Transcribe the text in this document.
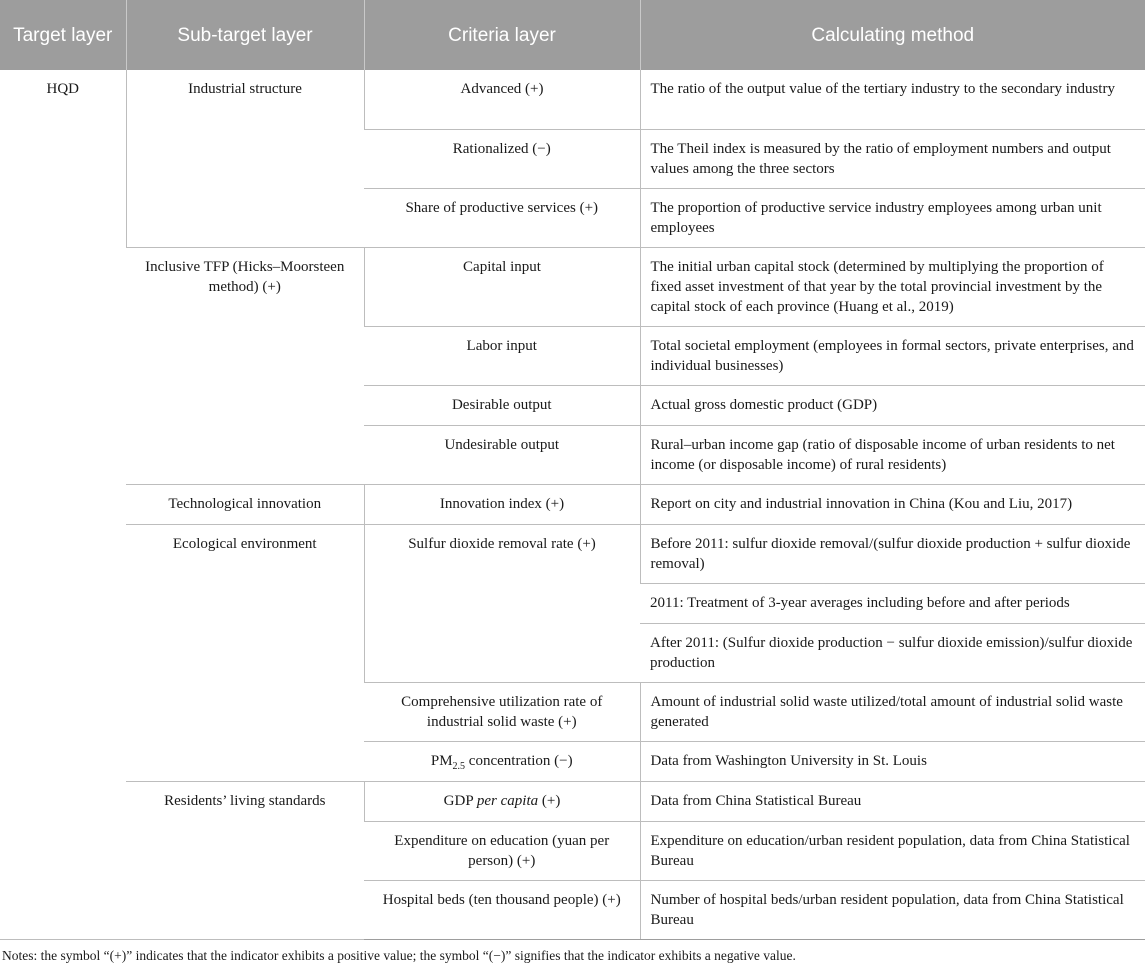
Target layer	Sub-target layer	Criteria layer	Calculating method
HQD	Industrial structure	Advanced (+)	The ratio of the output value of the tertiary industry to the secondary industry
		Rationalized (−)	The Theil index is measured by the ratio of employment numbers and output values among the three sectors
		Share of productive services (+)	The proportion of productive service industry employees among urban unit employees
	Inclusive TFP (Hicks–Moorsteen method) (+)	Capital input	The initial urban capital stock (determined by multiplying the proportion of fixed asset investment of that year by the total provincial investment by the capital stock of each province (Huang et al., 2019)
		Labor input	Total societal employment (employees in formal sectors, private enterprises, and individual businesses)
		Desirable output	Actual gross domestic product (GDP)
		Undesirable output	Rural–urban income gap (ratio of disposable income of urban residents to net income (or disposable income) of rural residents)
	Technological innovation	Innovation index (+)	Report on city and industrial innovation in China (Kou and Liu, 2017)
	Ecological environment	Sulfur dioxide removal rate (+)	Before 2011: sulfur dioxide removal/(sulfur dioxide production + sulfur dioxide removal)
			2011: Treatment of 3-year averages including before and after periods
			After 2011: (Sulfur dioxide production − sulfur dioxide emission)/sulfur dioxide production
		Comprehensive utilization rate of industrial solid waste (+)	Amount of industrial solid waste utilized/total amount of industrial solid waste generated
		$PM_{2.5}$ concentration (−)	Data from Washington University in St. Louis
	Residents’ living standards	GDP per capita (+)	Data from China Statistical Bureau
		Expenditure on education (yuan per person) (+)	Expenditure on education/urban resident population, data from China Statistical Bureau
		Hospital beds (ten thousand people) (+)	Number of hospital beds/urban resident population, data from China Statistical Bureau
Notes: the symbol “(+)” indicates that the indicator exhibits a positive value; the symbol “(−)” signifies that the indicator exhibits a negative value.
